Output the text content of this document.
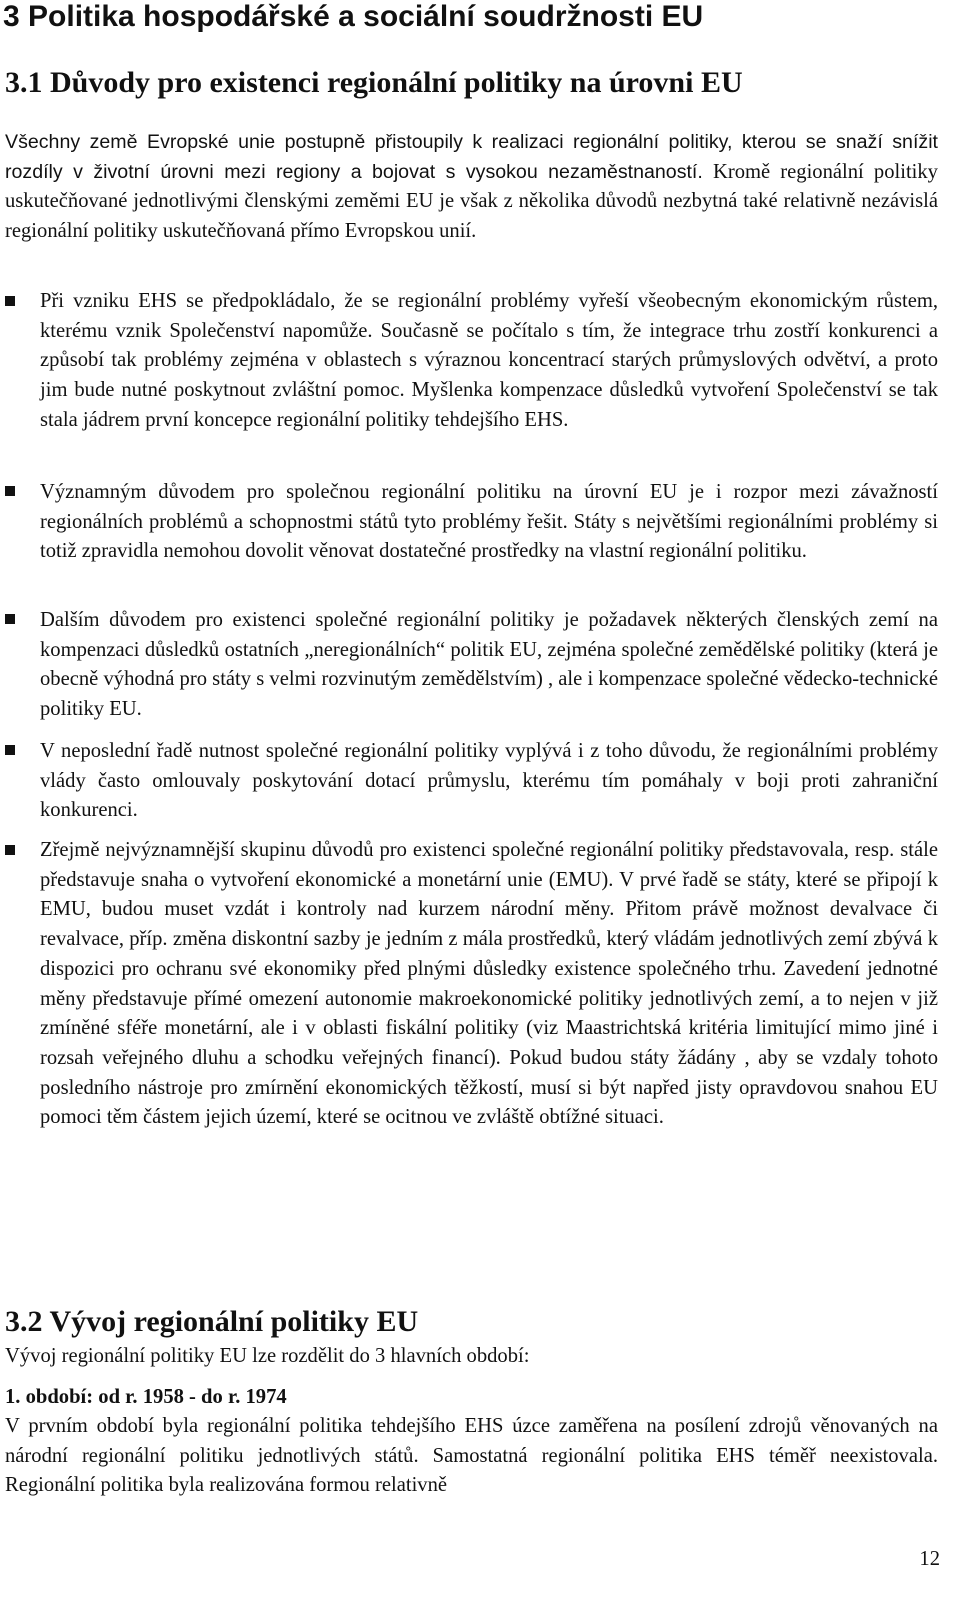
3 Politika hospodářské a sociální soudržnosti EU
3.1 Důvody pro existenci regionální politiky na úrovni EU

Všechny země Evropské unie postupně přistoupily k realizaci regionální politiky, kterou se snaží snížit rozdíly v životní úrovni mezi regiony a bojovat s vysokou nezaměstnaností. Kromě regionální politiky uskutečňované jednotlivými členskými zeměmi EU je však z několika důvodů nezbytná také relativně nezávislá regionální politiky uskutečňovaná přímo Evropskou unií.

Při vzniku EHS se předpokládalo, že se regionální problémy vyřeší všeobecným ekonomickým růstem, kterému vznik Společenství napomůže. Současně se počítalo s tím, že integrace trhu zostří konkurenci a způsobí tak problémy zejména v oblastech s výraznou koncentrací starých průmyslových odvětví, a proto jim bude nutné poskytnout zvláštní pomoc. Myšlenka kompenzace důsledků vytvoření Společenství se tak stala jádrem první koncepce regionální politiky tehdejšího EHS.

Významným důvodem pro společnou regionální politiku na úrovní EU je i rozpor mezi závažností regionálních problémů a schopnostmi států tyto problémy řešit. Státy s největšími regionálními problémy si totiž zpravidla nemohou dovolit věnovat dostatečné prostředky na vlastní regionální politiku.

Dalším důvodem pro existenci společné regionální politiky je požadavek některých členských zemí na kompenzaci důsledků ostatních „neregionálních“ politik EU, zejména společné zemědělské politiky (která je obecně výhodná pro státy s velmi rozvinutým zemědělstvím) , ale i kompenzace společné vědecko-technické politiky EU.

V neposlední řadě nutnost společné regionální politiky vyplývá i z toho důvodu, že regionálními problémy vlády často omlouvaly poskytování dotací průmyslu, kterému tím pomáhaly v boji proti zahraniční konkurenci.

Zřejmě nejvýznamnější skupinu důvodů pro existenci společné regionální politiky představovala, resp. stále představuje snaha o vytvoření ekonomické a monetární unie (EMU). V prvé řadě se státy, které se připojí k EMU, budou muset vzdát i kontroly nad kurzem národní měny. Přitom právě možnost devalvace či revalvace, příp. změna diskontní sazby je jedním z mála prostředků, který vládám jednotlivých zemí zbývá k dispozici pro ochranu své ekonomiky před plnými důsledky existence společného trhu. Zavedení jednotné měny představuje přímé omezení autonomie makroekonomické politiky jednotlivých zemí, a to nejen v již zmíněné sféře monetární, ale i v oblasti fiskální politiky (viz Maastrichtská kritéria limitující mimo jiné i rozsah veřejného dluhu a schodku veřejných financí). Pokud budou státy žádány , aby se vzdaly tohoto posledního nástroje pro zmírnění ekonomických těžkostí, musí si být napřed jisty opravdovou snahou EU pomoci těm částem jejich území, které se ocitnou ve zvláště obtížné situaci.

3.2 Vývoj regionální politiky EU

Vývoj regionální politiky EU lze rozdělit do 3 hlavních období:

1. období: od r. 1958 - do r. 1974

V prvním období byla regionální politika tehdejšího EHS úzce zaměřena na posílení zdrojů věnovaných na národní regionální politiku jednotlivých států. Samostatná regionální politika EHS téměř neexistovala. Regionální politika byla realizována formou relativně

12
